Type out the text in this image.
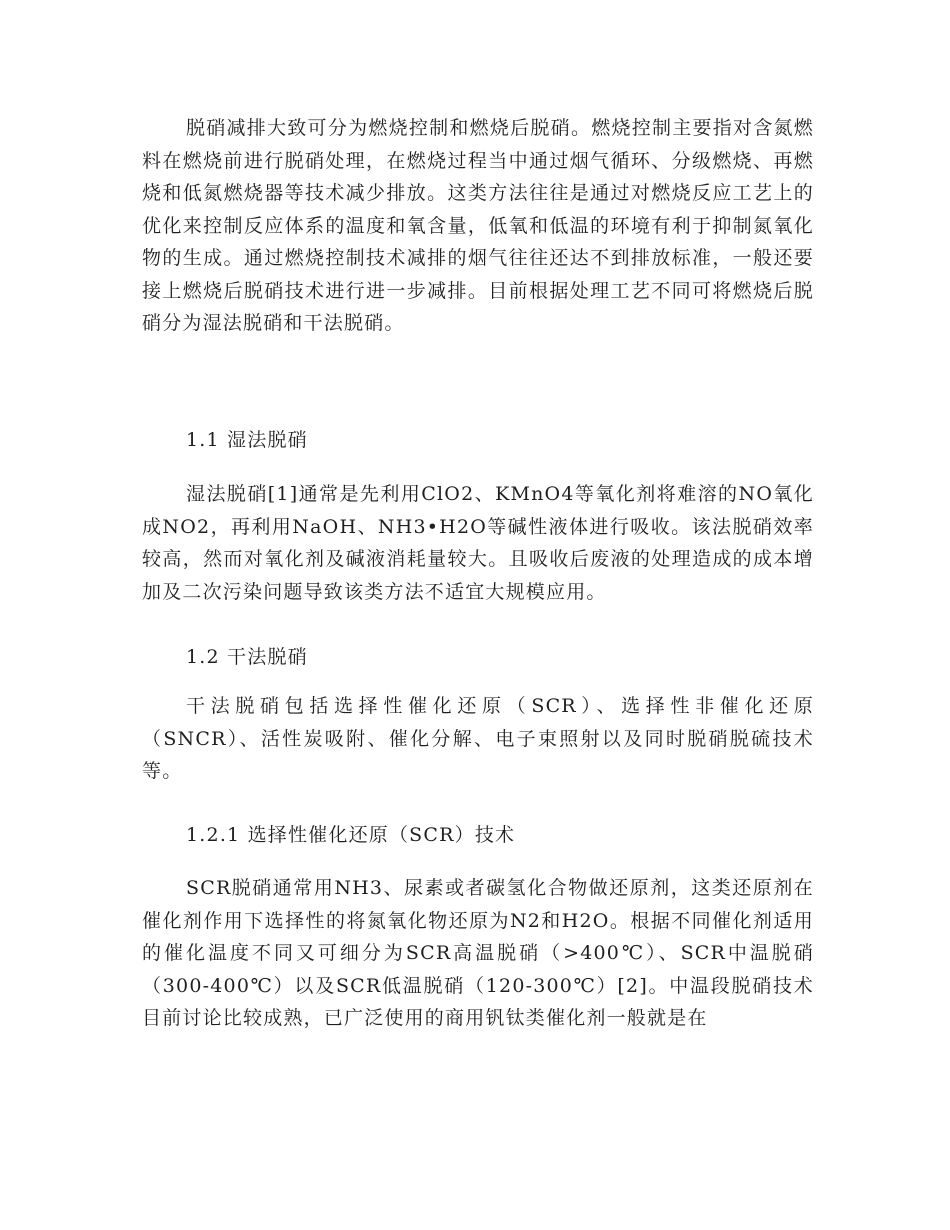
脱硝减排大致可分为燃烧控制和燃烧后脱硝。燃烧控制主要指对含氮燃料在燃烧前进行脱硝处理，在燃烧过程当中通过烟气循环、分级燃烧、再燃烧和低氮燃烧器等技术减少排放。这类方法往往是通过对燃烧反应工艺上的优化来控制反应体系的温度和氧含量，低氧和低温的环境有利于抑制氮氧化物的生成。通过燃烧控制技术减排的烟气往往还达不到排放标准，一般还要接上燃烧后脱硝技术进行进一步减排。目前根据处理工艺不同可将燃烧后脱硝分为湿法脱硝和干法脱硝。

1.1 湿法脱硝

湿法脱硝[1]通常是先利用ClO2、KMnO4等氧化剂将难溶的NO氧化成NO2，再利用NaOH、NH3•H2O等碱性液体进行吸收。该法脱硝效率较高，然而对氧化剂及碱液消耗量较大。且吸收后废液的处理造成的成本增加及二次污染问题导致该类方法不适宜大规模应用。

1.2 干法脱硝

干法脱硝包括选择性催化还原（SCR）、选择性非催化还原（SNCR）、活性炭吸附、催化分解、电子束照射以及同时脱硝脱硫技术等。

1.2.1 选择性催化还原（SCR）技术

SCR脱硝通常用NH3、尿素或者碳氢化合物做还原剂，这类还原剂在催化剂作用下选择性的将氮氧化物还原为N2和H2O。根据不同催化剂适用的催化温度不同又可细分为SCR高温脱硝（>400℃）、SCR中温脱硝（300-400℃）以及SCR低温脱硝（120-300℃）[2]。中温段脱硝技术目前讨论比较成熟，已广泛使用的商用钒钛类催化剂一般就是在
